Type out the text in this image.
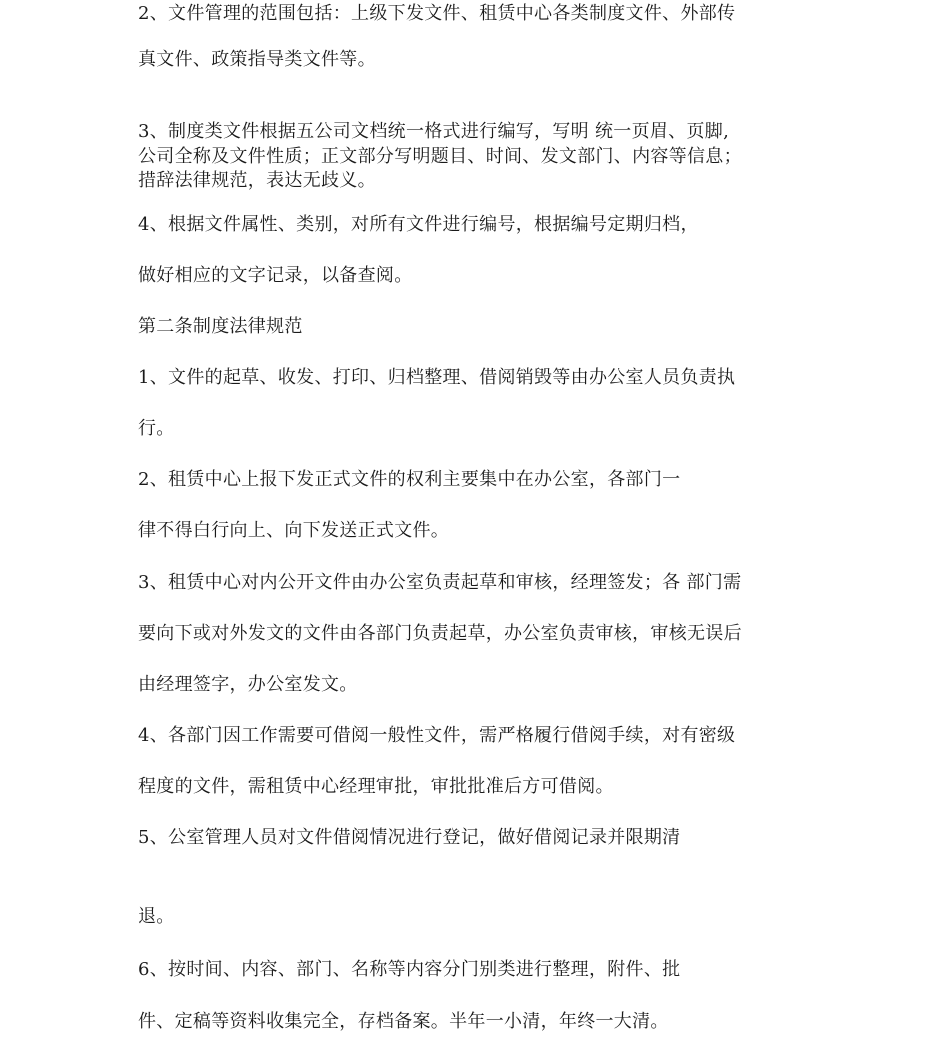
2、文件管理的范围包括：上级下发文件、租赁中心各类制度文件、外部传
真文件、政策指导类文件等。
3、制度类文件根据五公司文档统一格式进行编写，写明 统一页眉、页脚,
公司全称及文件性质；正文部分写明题目、时间、发文部门、内容等信息；
措辞法律规范，表达无歧义。
4、根据文件属性、类别，对所有文件进行编号，根据编号定期归档，
做好相应的文字记录，以备查阅。
第二条制度法律规范
1、文件的起草、收发、打印、归档整理、借阅销毁等由办公室人员负责执
行。
2、租赁中心上报下发正式文件的权利主要集中在办公室，各部门一
律不得白行向上、向下发送正式文件。
3、租赁中心对内公开文件由办公室负责起草和审核，经理签发；各 部门需
要向下或对外发文的文件由各部门负责起草，办公室负责审核，审核无误后
由经理签字，办公室发文。
4、各部门因工作需要可借阅一般性文件，需严格履行借阅手续，对有密级
程度的文件，需租赁中心经理审批，审批批准后方可借阅。
5、公室管理人员对文件借阅情况进行登记，做好借阅记录并限期清
退。
6、按时间、内容、部门、名称等内容分门别类进行整理，附件、批
件、定稿等资料收集完全，存档备案。半年一小清，年终一大清。
